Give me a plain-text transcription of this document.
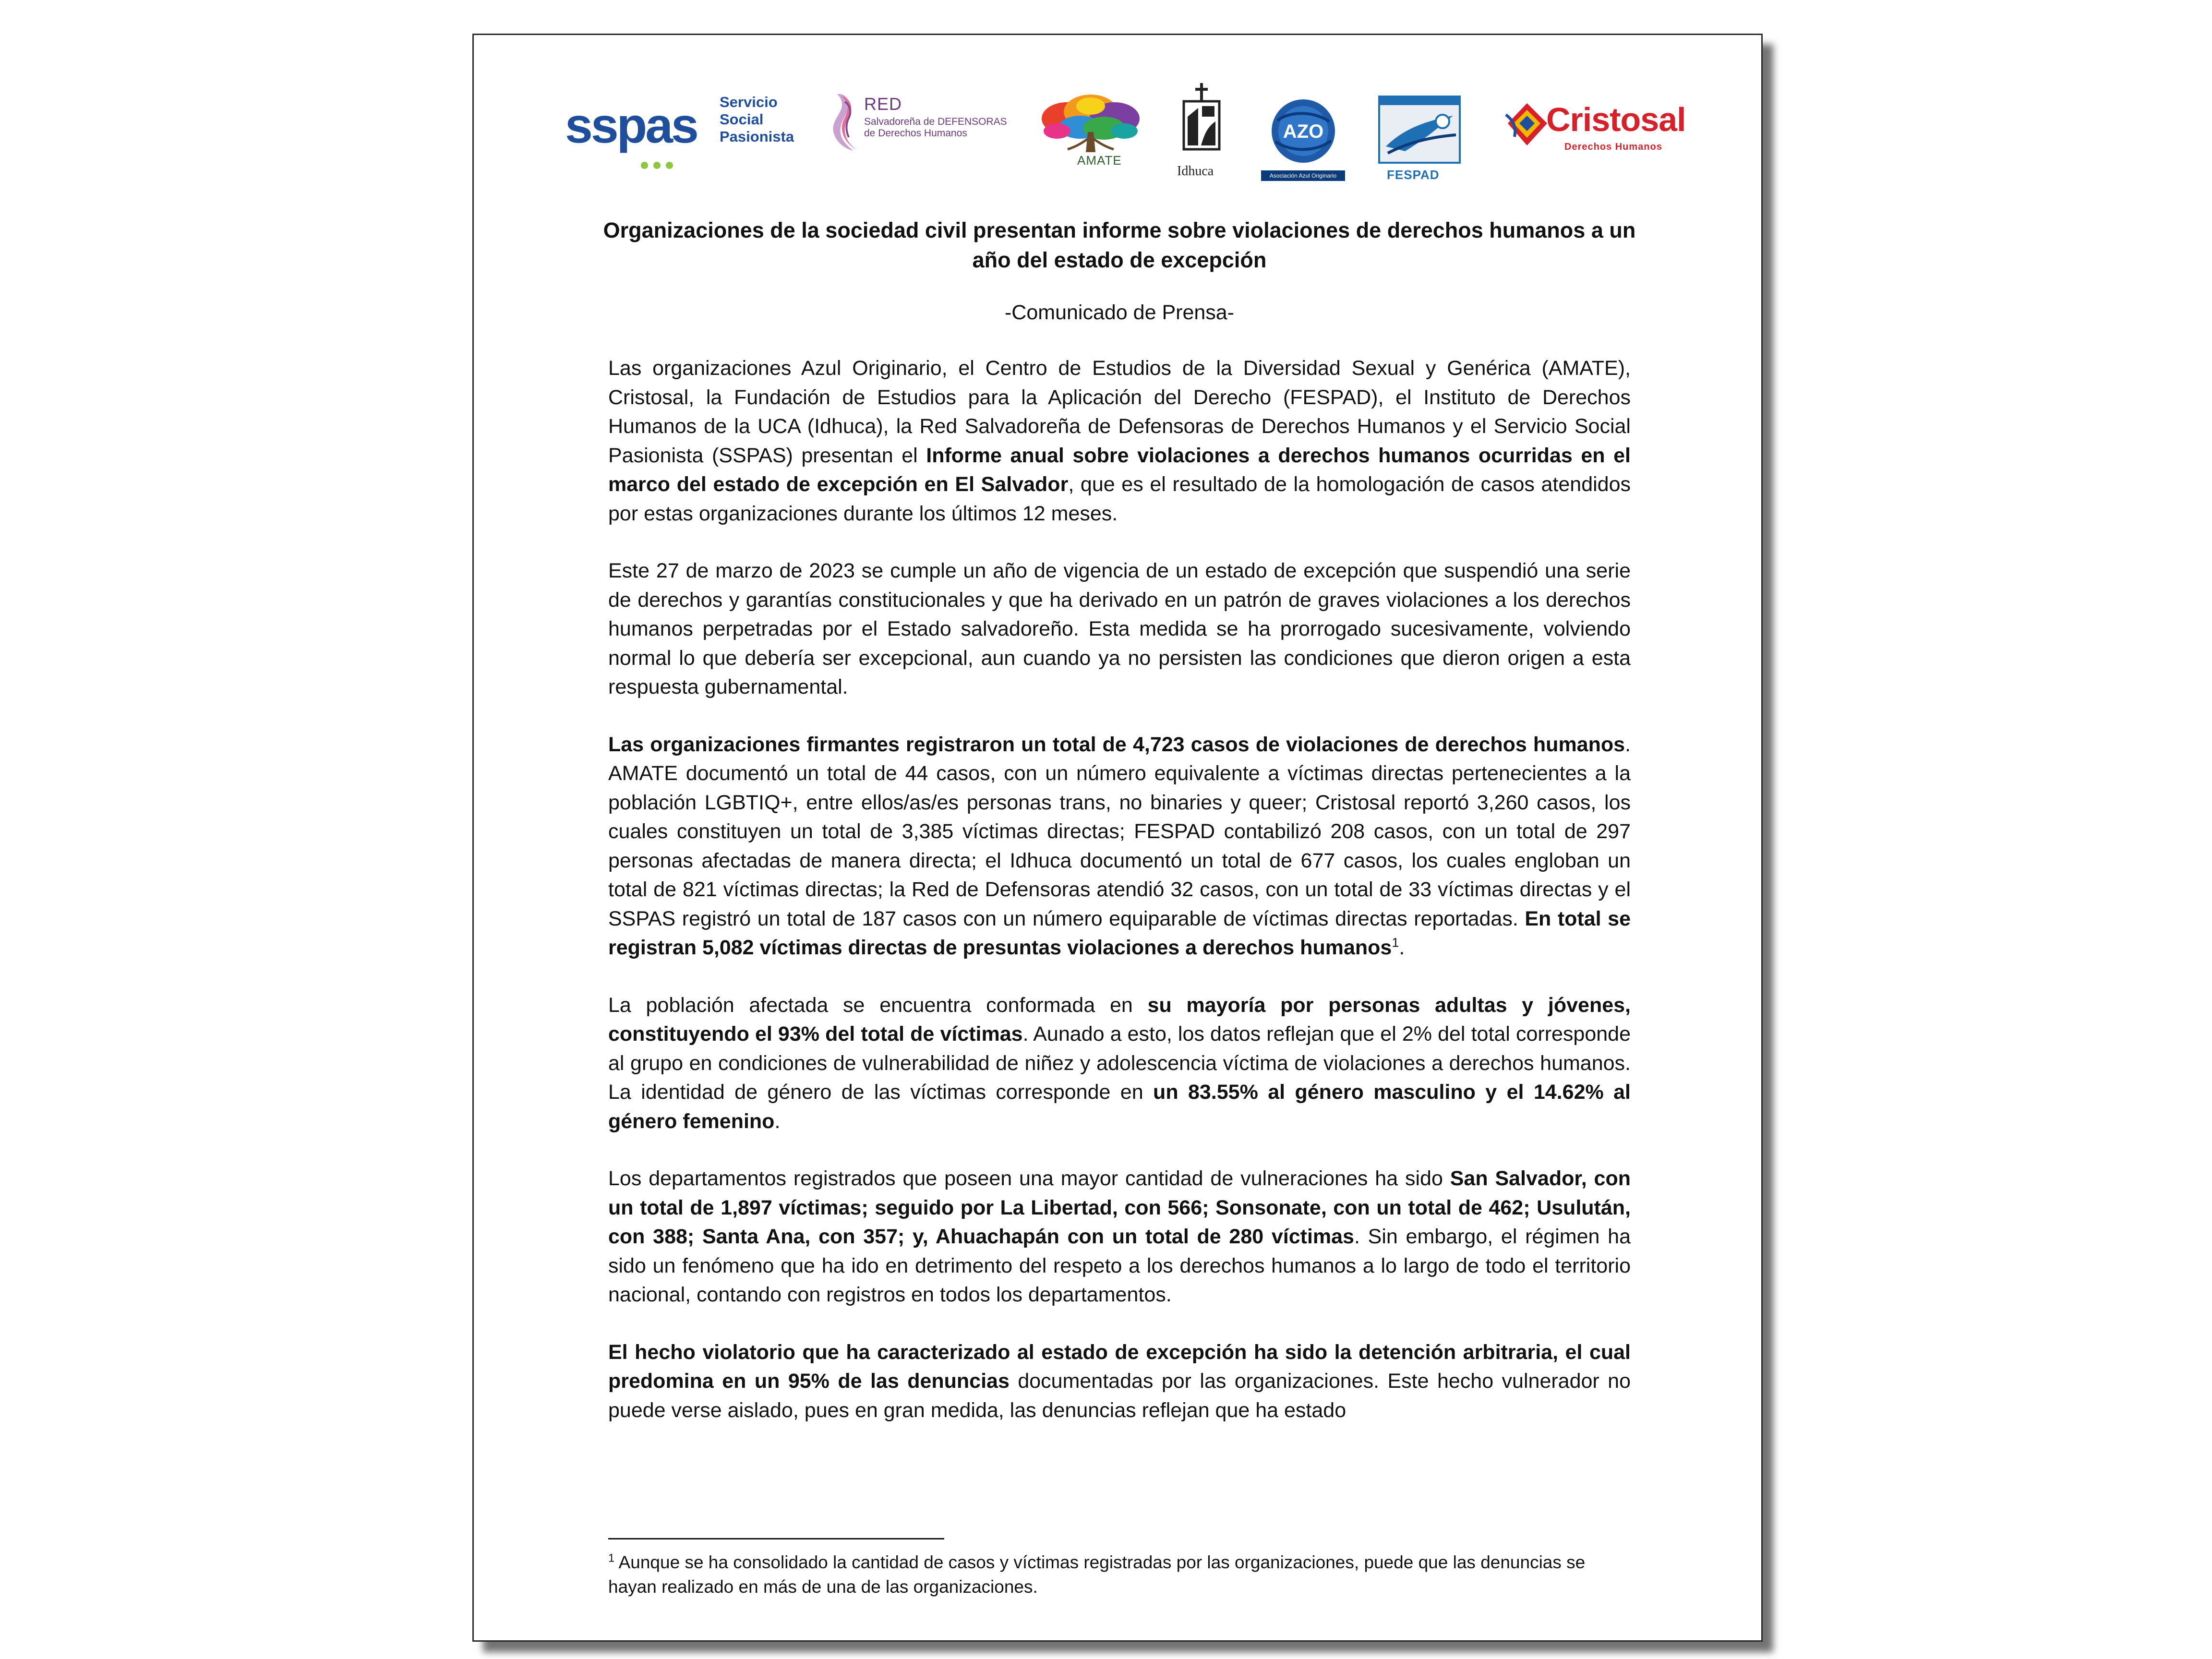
sspas Servicio
Social
Pasionista
RED
Salvadoreña de DEFENSORAS
de Derechos Humanos
AMATE
Idhuca
AZO
Asociación Azul Originario	FESPAD
Cristosal
Derechos Humanos
Organizaciones de la sociedad civil presentan informe sobre violaciones de derechos humanos a un año del estado de excepción
-Comunicado de Prensa-

Las organizaciones Azul Originario, el Centro de Estudios de la Diversidad Sexual y Genérica (AMATE), Cristosal, la Fundación de Estudios para la Aplicación del Derecho (FESPAD), el Instituto de Derechos Humanos de la UCA (Idhuca), la Red Salvadoreña de Defensoras de Derechos Humanos y el Servicio Social Pasionista (SSPAS) presentan el Informe anual sobre violaciones a derechos humanos ocurridas en el marco del estado de excepción en El Salvador, que es el resultado de la homologación de casos atendidos por estas organizaciones durante los últimos 12 meses.

Este 27 de marzo de 2023 se cumple un año de vigencia de un estado de excepción que suspendió una serie de derechos y garantías constitucionales y que ha derivado en un patrón de graves violaciones a los derechos humanos perpetradas por el Estado salvadoreño. Esta medida se ha prorrogado sucesivamente, volviendo normal lo que debería ser excepcional, aun cuando ya no persisten las condiciones que dieron origen a esta respuesta gubernamental.

Las organizaciones firmantes registraron un total de 4,723 casos de violaciones de derechos humanos. AMATE documentó un total de 44 casos, con un número equivalente a víctimas directas pertenecientes a la población LGBTIQ+, entre ellos/as/es personas trans, no binaries y queer; Cristosal reportó 3,260 casos, los cuales constituyen un total de 3,385 víctimas directas; FESPAD contabilizó 208 casos, con un total de 297 personas afectadas de manera directa; el Idhuca documentó un total de 677 casos, los cuales engloban un total de 821 víctimas directas; la Red de Defensoras atendió 32 casos, con un total de 33 víctimas directas y el SSPAS registró un total de 187 casos con un número equiparable de víctimas directas reportadas. En total se registran 5,082 víctimas directas de presuntas violaciones a derechos humanos$^1$.

La población afectada se encuentra conformada en su mayoría por personas adultas y jóvenes, constituyendo el 93% del total de víctimas. Aunado a esto, los datos reflejan que el 2% del total corresponde al grupo en condiciones de vulnerabilidad de niñez y adolescencia víctima de violaciones a derechos humanos. La identidad de género de las víctimas corresponde en un 83.55% al género masculino y el 14.62% al género femenino.

Los departamentos registrados que poseen una mayor cantidad de vulneraciones ha sido San Salvador, con un total de 1,897 víctimas; seguido por La Libertad, con 566; Sonsonate, con un total de 462; Usulután, con 388; Santa Ana, con 357; y, Ahuachapán con un total de 280 víctimas. Sin embargo, el régimen ha sido un fenómeno que ha ido en detrimento del respeto a los derechos humanos a lo largo de todo el territorio nacional, contando con registros en todos los departamentos.

El hecho violatorio que ha caracterizado al estado de excepción ha sido la detención arbitraria, el cual predomina en un 95% de las denuncias documentadas por las organizaciones. Este hecho vulnerador no puede verse aislado, pues en gran medida, las denuncias reflejan que ha estado

$^1$ Aunque se ha consolidado la cantidad de casos y víctimas registradas por las organizaciones, puede que las denuncias se hayan realizado en más de una de las organizaciones.
